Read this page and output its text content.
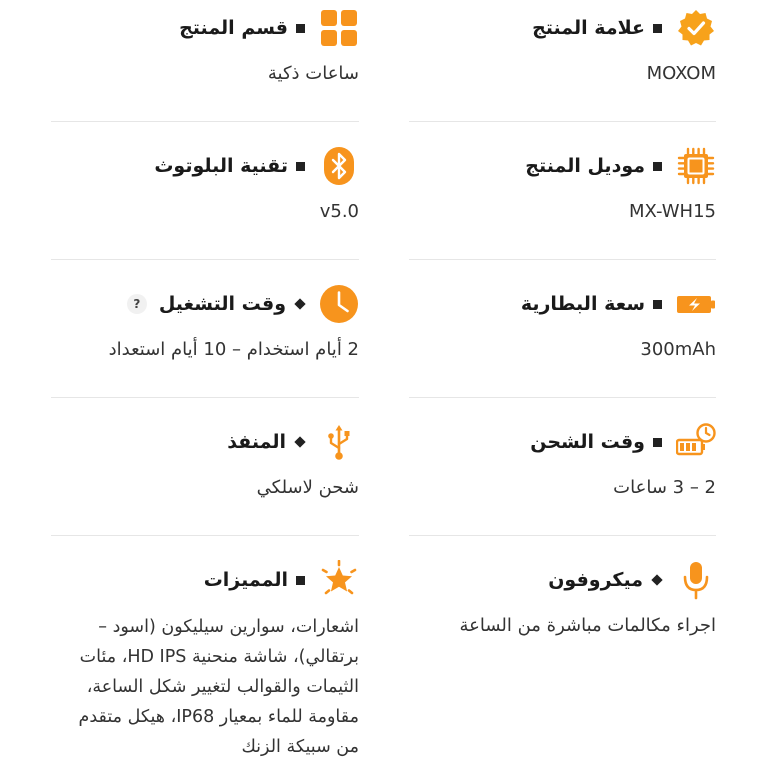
علامة المنتج
MOXOM
قسم المنتج
ساعات ذكية
موديل المنتج
MX-WH15
تقنية البلوتوث
v5.0
سعة البطارية
300mAh
وقت التشغيل
?
2 أيام استخدام – 10 أيام استعداد
وقت الشحن
2 – 3 ساعات
المنفذ
شحن لاسلكي
ميكروفون
اجراء مكالمات مباشرة من الساعة
المميزات
اشعارات، سوارين سيليكون (اسود – برتقالي)، شاشة منحنية HD IPS، مئات الثيمات والقوالب لتغيير شكل الساعة، مقاومة للماء بمعيار IP68، هيكل متقدم من سبيكة الزنك
